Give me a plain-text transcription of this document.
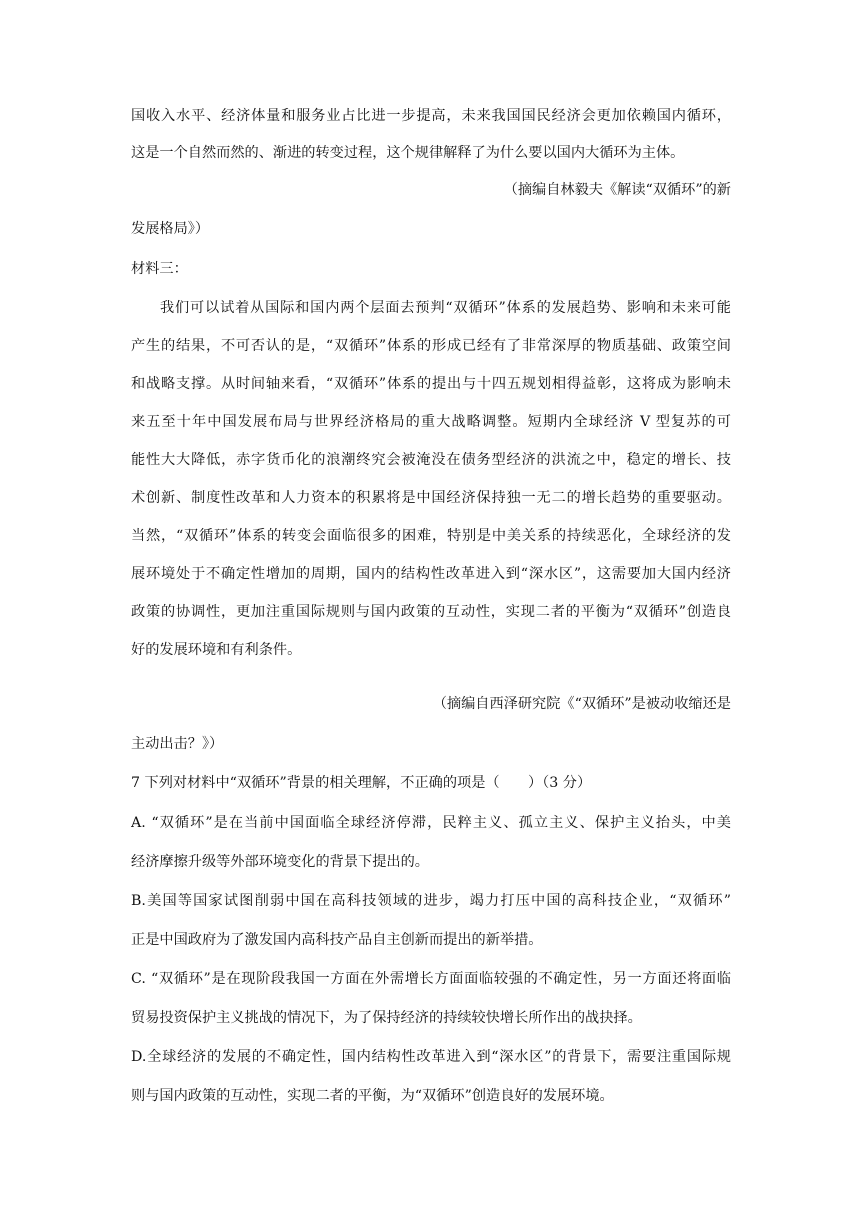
国收入水平、经济体量和服务业占比进一步提高，未来我国国民经济会更加依赖国内循环，
这是一个自然而然的、渐进的转变过程，这个规律解释了为什么要以国内大循环为主体。
（摘编自林毅夫《解读“双循环”的新
发展格局》）
材料三：
我们可以试着从国际和国内两个层面去预判“双循环”体系的发展趋势、影响和未来可能
产生的结果，不可否认的是，“双循环”体系的形成已经有了非常深厚的物质基础、政策空间
和战略支撑。从时间轴来看，“双循环”体系的提出与十四五规划相得益彰，这将成为影响未
来五至十年中国发展布局与世界经济格局的重大战略调整。短期内全球经济 V 型复苏的可
能性大大降低，赤字货币化的浪潮终究会被淹没在债务型经济的洪流之中，稳定的增长、技
术创新、制度性改革和人力资本的积累将是中国经济保持独一无二的增长趋势的重要驱动。
当然，“双循环”体系的转变会面临很多的困难，特别是中美关系的持续恶化，全球经济的发
展环境处于不确定性增加的周期，国内的结构性改革进入到“深水区”，这需要加大国内经济
政策的协调性，更加注重国际规则与国内政策的互动性，实现二者的平衡为“双循环”创造良
好的发展环境和有利条件。
（摘编自西泽研究院《“双循环”是被动收缩还是
主动出击？》）
7 下列对材料中“双循环”背景的相关理解，不正确的项是（　　）（3 分）
A. “双循环”是在当前中国面临全球经济停滞，民粹主义、孤立主义、保护主义抬头，中美
经济摩擦升级等外部环境变化的背景下提出的。
B.美国等国家试图削弱中国在高科技领域的进步，竭力打压中国的高科技企业，“双循环”
正是中国政府为了激发国内高科技产品自主创新而提出的新举措。
C. “双循环”是在现阶段我国一方面在外需增长方面面临较强的不确定性，另一方面还将面临
贸易投资保护主义挑战的情况下，为了保持经济的持续较快增长所作出的战抉择。
D.全球经济的发展的不确定性，国内结构性改革进入到“深水区”的背景下，需要注重国际规
则与国内政策的互动性，实现二者的平衡，为“双循环”创造良好的发展环境。
